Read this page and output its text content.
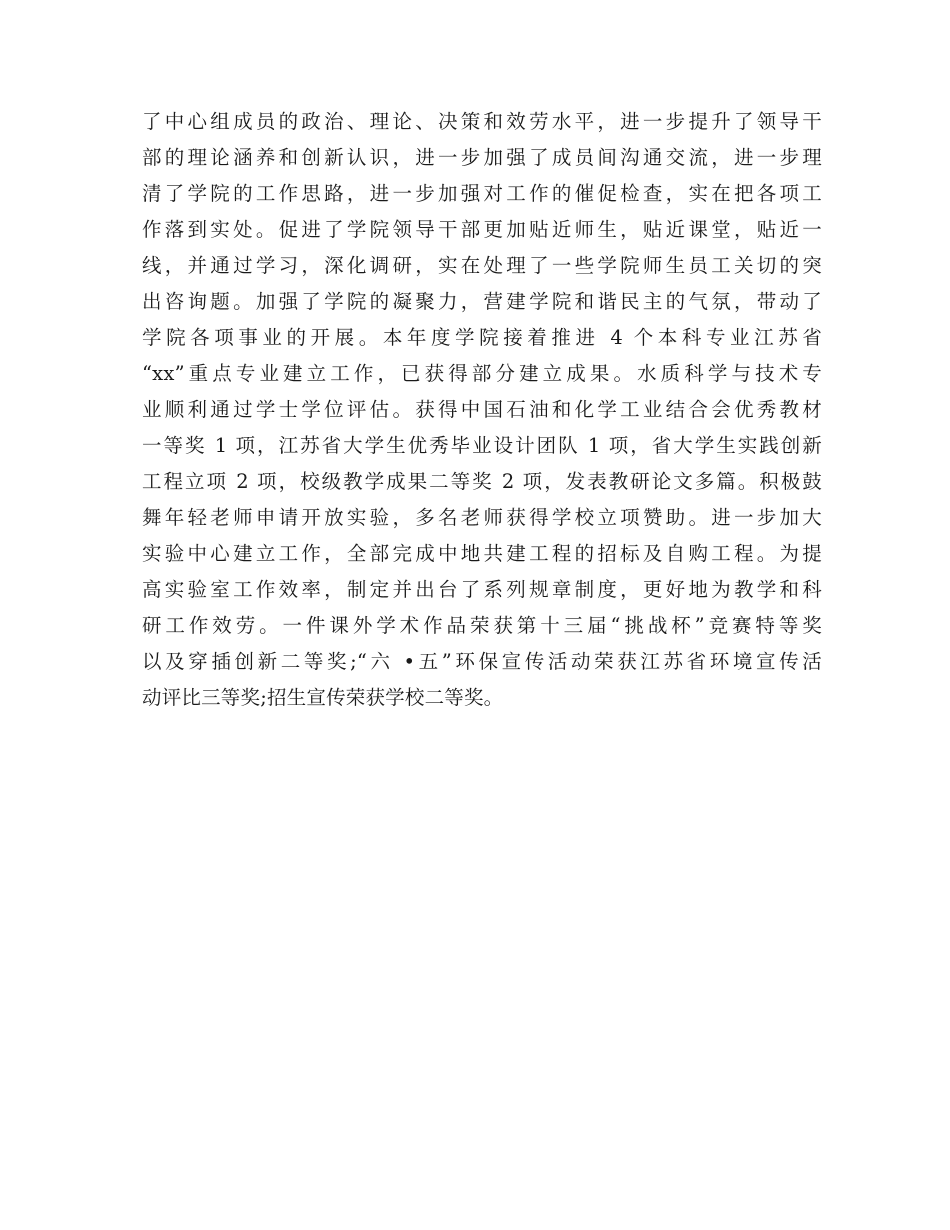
了中心组成员的政治、理论、决策和效劳水平，进一步提升了领导干
部的理论涵养和创新认识，进一步加强了成员间沟通交流，进一步理
清了学院的工作思路，进一步加强对工作的催促检查，实在把各项工
作落到实处。促进了学院领导干部更加贴近师生，贴近课堂，贴近一
线，并通过学习，深化调研，实在处理了一些学院师生员工关切的突
出咨询题。加强了学院的凝聚力，营建学院和谐民主的气氛，带动了
学院各项事业的开展。本年度学院接着推进 4 个本科专业江苏省
“xx”重点专业建立工作，已获得部分建立成果。水质科学与技术专
业顺利通过学士学位评估。获得中国石油和化学工业结合会优秀教材
一等奖 1 项，江苏省大学生优秀毕业设计团队 1 项，省大学生实践创新
工程立项 2 项，校级教学成果二等奖 2 项，发表教研论文多篇。积极鼓
舞年轻老师申请开放实验，多名老师获得学校立项赞助。进一步加大
实验中心建立工作，全部完成中地共建工程的招标及自购工程。为提
高实验室工作效率，制定并出台了系列规章制度，更好地为教学和科
研工作效劳。一件课外学术作品荣获第十三届“挑战杯”竞赛特等奖
以及穿插创新二等奖;“六 •五”环保宣传活动荣获江苏省环境宣传活
动评比三等奖;招生宣传荣获学校二等奖。
